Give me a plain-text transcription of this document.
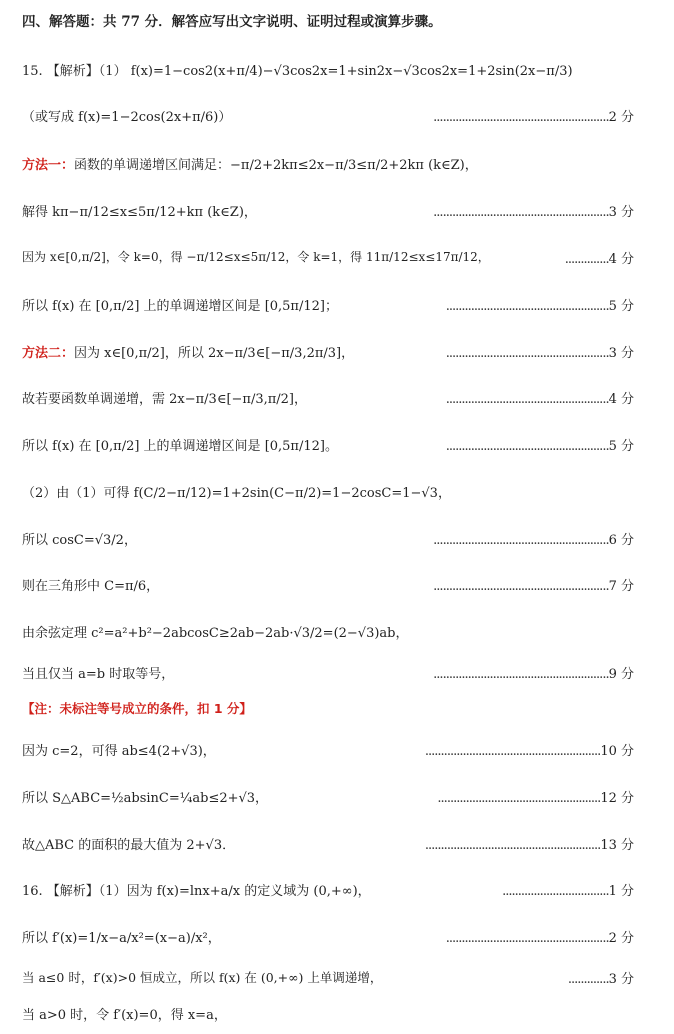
四、解答题：共 77 分．解答应写出文字说明、证明过程或演算步骤。
15. 【解析】（1） f(x)=1−cos2(x+π/4)−√3cos2x=1+sin2x−√3cos2x=1+2sin(2x−π/3)
（或写成 f(x)=1−2cos(2x+π/6)）	........................................................2 分
方法一：函数的单调递增区间满足：−π/2+2kπ≤2x−π/3≤π/2+2kπ (k∈Z)，
解得 kπ−π/12≤x≤5π/12+kπ (k∈Z)，	........................................................3 分
因为 x∈[0,π/2]，令 k=0，得 −π/12≤x≤5π/12，令 k=1，得 11π/12≤x≤17π/12，	..............4 分
所以 f(x) 在 [0,π/2] 上的单调递增区间是 [0,5π/12]；	....................................................5 分
方法二：因为 x∈[0,π/2]，所以 2x−π/3∈[−π/3,2π/3]，	....................................................3 分
故若要函数单调递增，需 2x−π/3∈[−π/3,π/2]，	....................................................4 分
所以 f(x) 在 [0,π/2] 上的单调递增区间是 [0,5π/12]。	....................................................5 分
（2）由（1）可得 f(C/2−π/12)=1+2sin(C−π/2)=1−2cosC=1−√3，
所以 cosC=√3/2，	........................................................6 分
则在三角形中 C=π/6，	........................................................7 分
由余弦定理 c²=a²+b²−2abcosC≥2ab−2ab·√3/2=(2−√3)ab，
当且仅当 a=b 时取等号，	........................................................9 分
【注：未标注等号成立的条件，扣 1 分】
因为 c=2，可得 ab≤4(2+√3)，	........................................................10 分
所以 S△ABC=½absinC=¼ab≤2+√3，	....................................................12 分
故△ABC 的面积的最大值为 2+√3．	........................................................13 分
16. 【解析】（1）因为 f(x)=lnx+a/x 的定义域为 (0,+∞)，	..................................1 分
所以 f′(x)=1/x−a/x²=(x−a)/x²，	....................................................2 分
当 a≤0 时，f′(x)>0 恒成立，所以 f(x) 在 (0,+∞) 上单调递增，	.............3 分
当 a>0 时，令 f′(x)=0，得 x=a，
